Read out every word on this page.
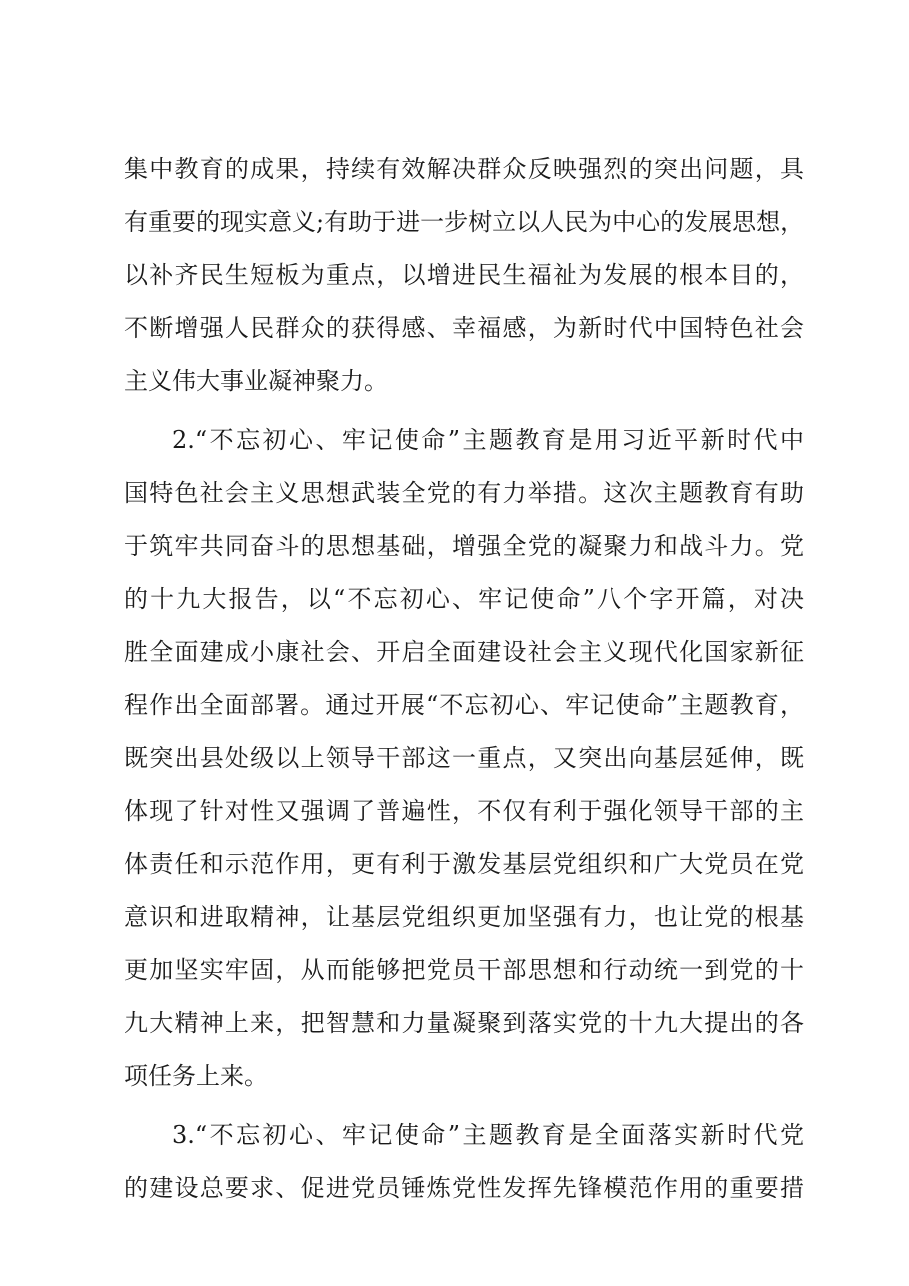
集中教育的成果，持续有效解决群众反映强烈的突出问题，具
有重要的现实意义;有助于进一步树立以人民为中心的发展思想，
以补齐民生短板为重点，以增进民生福祉为发展的根本目的，
不断增强人民群众的获得感、幸福感，为新时代中国特色社会
主义伟大事业凝神聚力。
2.“不忘初心、牢记使命”主题教育是用习近平新时代中
国特色社会主义思想武装全党的有力举措。这次主题教育有助
于筑牢共同奋斗的思想基础，增强全党的凝聚力和战斗力。党
的十九大报告，以“不忘初心、牢记使命”八个字开篇，对决
胜全面建成小康社会、开启全面建设社会主义现代化国家新征
程作出全面部署。通过开展“不忘初心、牢记使命”主题教育，
既突出县处级以上领导干部这一重点，又突出向基层延伸，既
体现了针对性又强调了普遍性，不仅有利于强化领导干部的主
体责任和示范作用，更有利于激发基层党组织和广大党员在党
意识和进取精神，让基层党组织更加坚强有力，也让党的根基
更加坚实牢固，从而能够把党员干部思想和行动统一到党的十
九大精神上来，把智慧和力量凝聚到落实党的十九大提出的各
项任务上来。
3.“不忘初心、牢记使命”主题教育是全面落实新时代党
的建设总要求、促进党员锤炼党性发挥先锋模范作用的重要措
